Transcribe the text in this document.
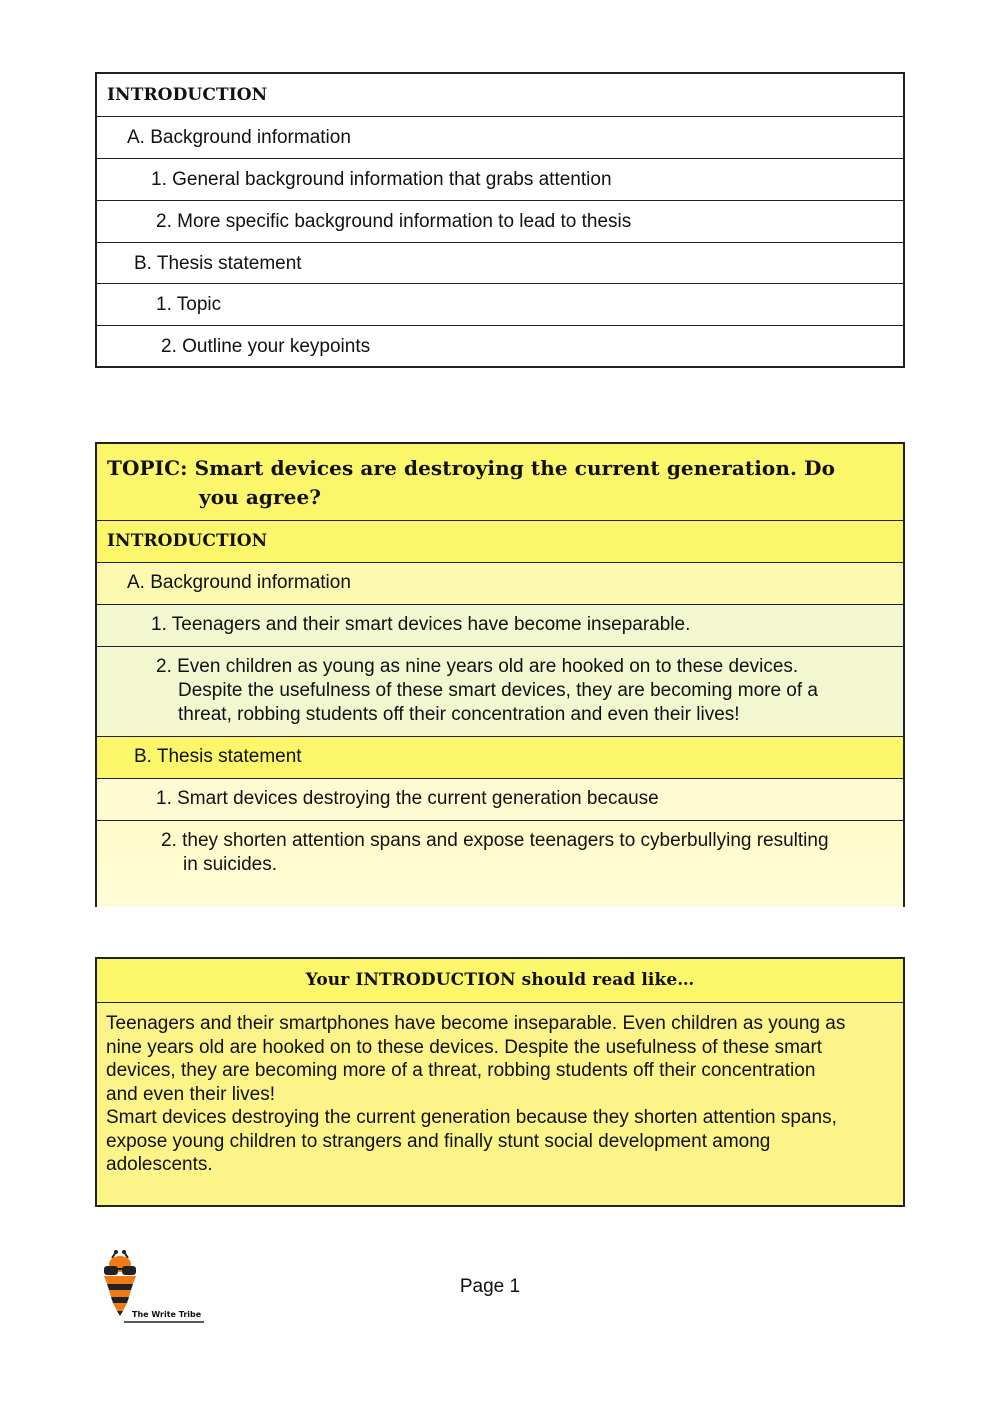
INTRODUCTION
A. Background information
1. General background information that grabs attention
2. More specific background information to lead to thesis
B. Thesis statement
1. Topic
2. Outline your keypoints
TOPIC: Smart devices are destroying the current generation. Do
you agree?
INTRODUCTION
A. Background information
1. Teenagers and their smart devices have become inseparable.
2. Even children as young as nine years old are hooked on to these devices.
Despite the usefulness of these smart devices, they are becoming more of a
threat, robbing students off their concentration and even their lives!
B. Thesis statement
1. Smart devices destroying the current generation because
2. they shorten attention spans and expose teenagers to cyberbullying resulting
in suicides.
Your INTRODUCTION should read like…
Teenagers and their smartphones have become inseparable. Even children as young as
nine years old are hooked on to these devices. Despite the usefulness of these smart
devices, they are becoming more of a threat, robbing students off their concentration
and even their lives!
Smart devices destroying the current generation because they shorten attention spans,
expose young children to strangers and finally stunt social development among
adolescents.
The Write Tribe
Page 1
